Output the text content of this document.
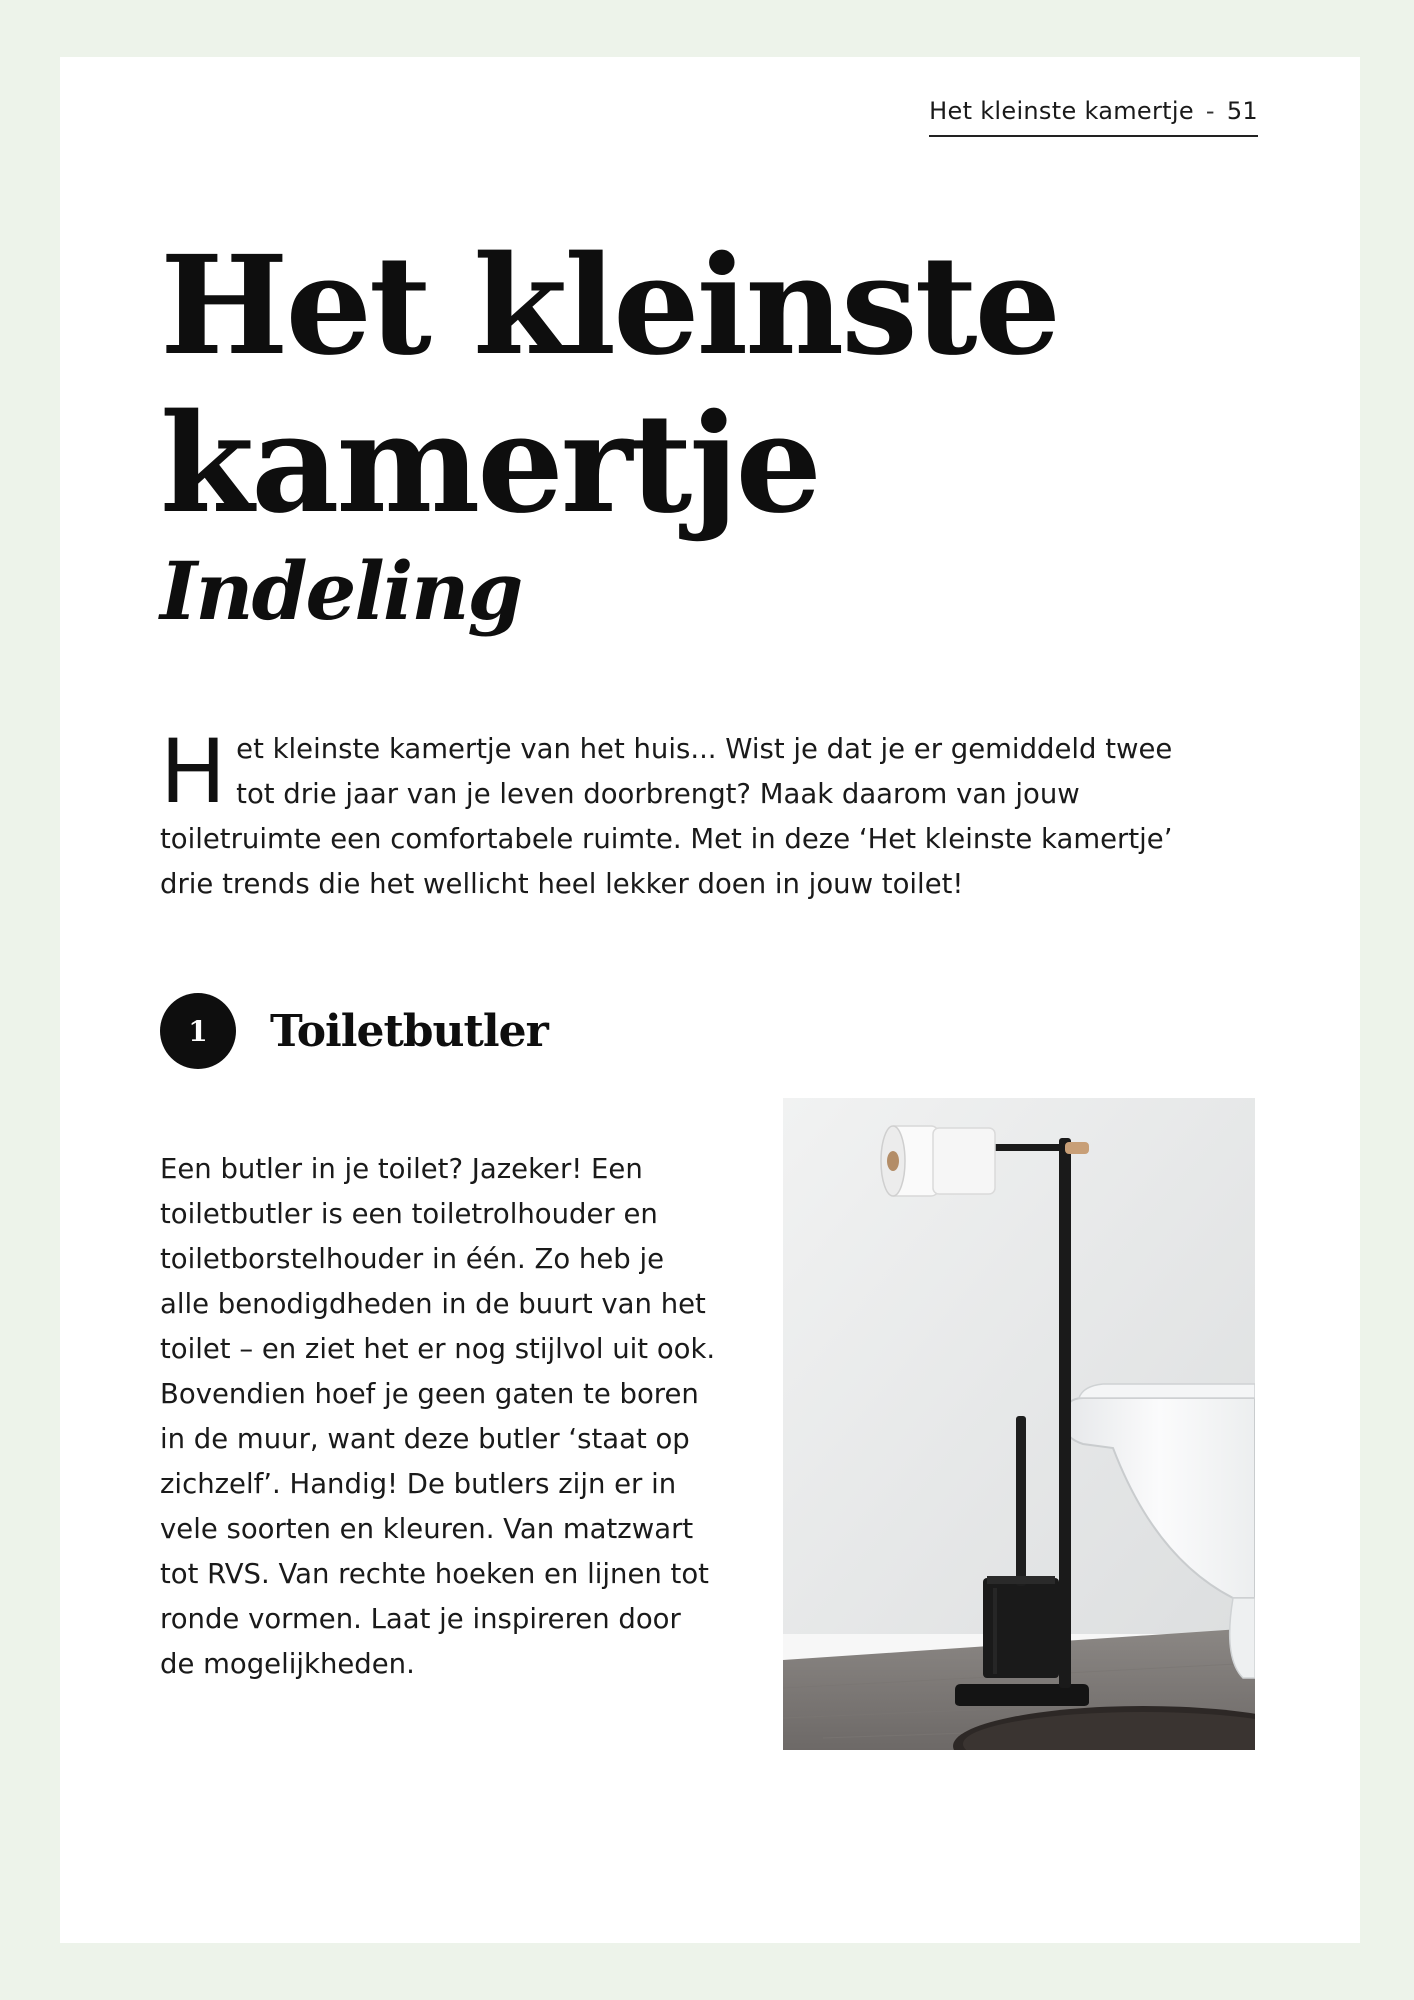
Het kleinste kamertje - 51
Het kleinste
kamertje
Indeling

Het kleinste kamertje van het huis... Wist je dat je er gemiddeld twee tot drie jaar van je leven doorbrengt? Maak daarom van jouw toiletruimte een comfortabele ruimte. Met in deze ‘Het kleinste kamertje’ drie trends die het wellicht heel lekker doen in jouw toilet!

1 Toiletbutler

Een butler in je toilet? Jazeker! Een toiletbutler is een toiletrolhouder en toiletborstelhouder in één. Zo heb je alle benodigdheden in de buurt van het toilet – en ziet het er nog stijlvol uit ook. Bovendien hoef je geen gaten te boren in de muur, want deze butler ‘staat op zichzelf’. Handig! De butlers zijn er in vele soorten en kleuren. Van matzwart tot RVS. Van rechte hoeken en lijnen tot ronde vormen. Laat je inspireren door de mogelijkheden.
